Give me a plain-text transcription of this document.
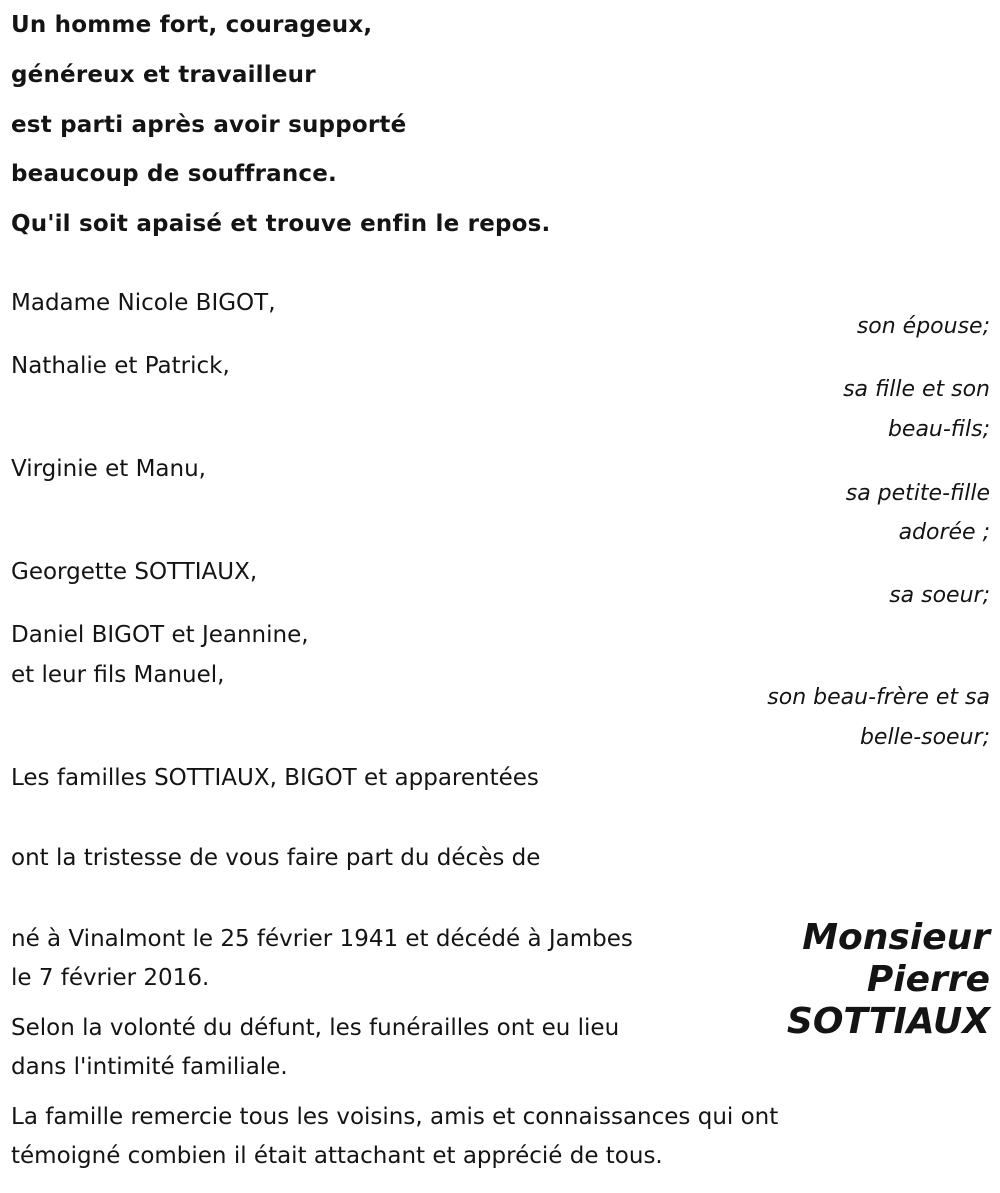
Un homme fort, courageux,
généreux et travailleur
est parti après avoir supporté
beaucoup de souffrance.
Qu'il soit apaisé et trouve enfin le repos.
Madame Nicole BIGOT,
son épouse;
Nathalie et Patrick,
sa fille et son
beau-fils;
Virginie et Manu,
sa petite-fille
adorée ;
Georgette SOTTIAUX,
sa soeur;
Daniel BIGOT et Jeannine,
et leur fils Manuel,
son beau-frère et sa
belle-soeur;
Les familles SOTTIAUX, BIGOT et apparentées
ont la tristesse de vous faire part du décès de
Monsieur
Pierre
SOTTIAUX
né à Vinalmont le 25 février 1941 et décédé à Jambes
le 7 février 2016.
Selon la volonté du défunt, les funérailles ont eu lieu
dans l'intimité familiale.
La famille remercie tous les voisins, amis et connaissances qui ont
témoigné combien il était attachant et apprécié de tous.
